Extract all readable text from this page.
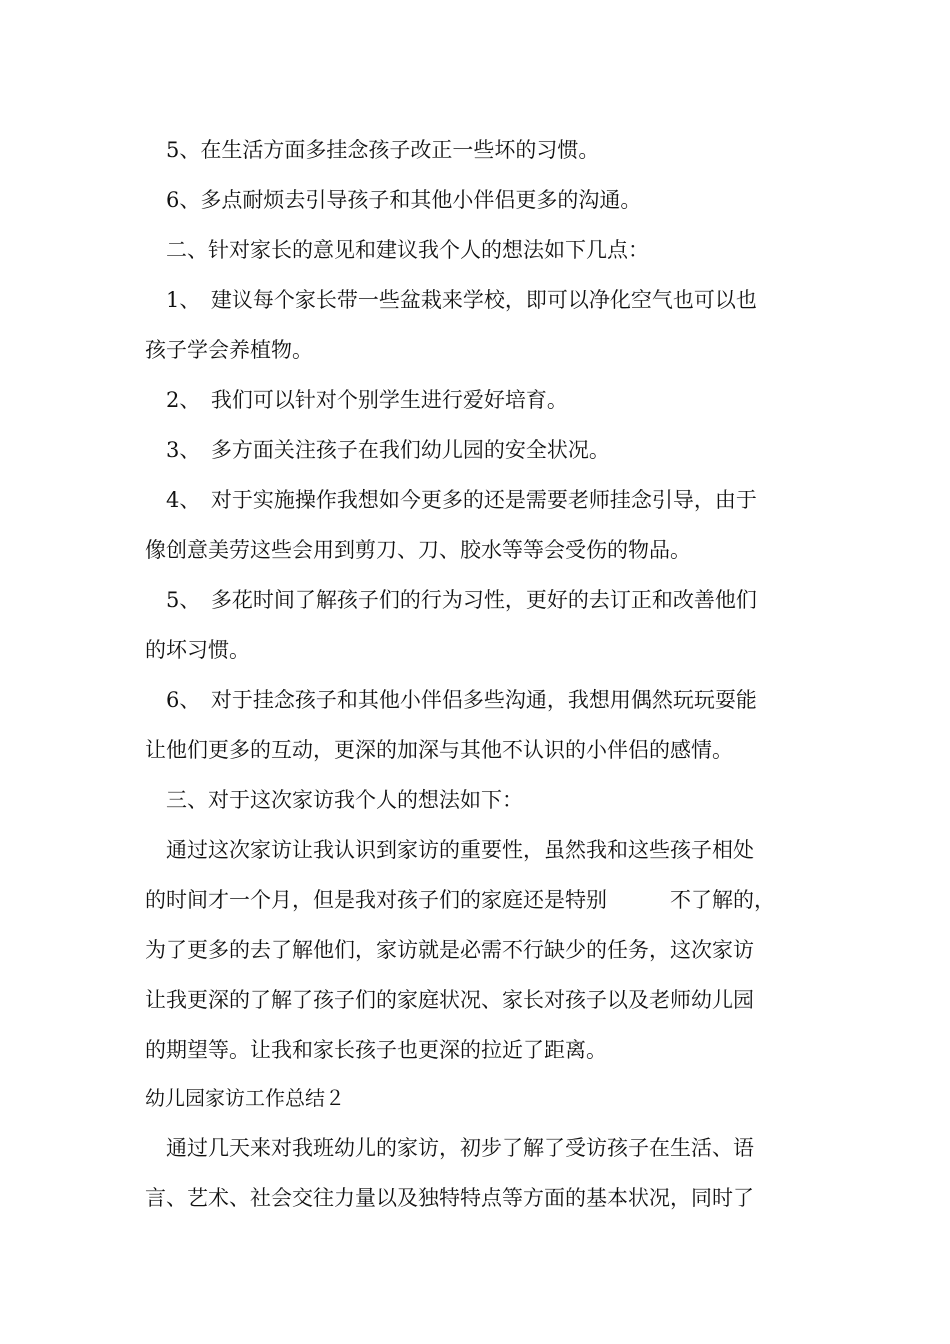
　5、在生活方面多挂念孩子改正一些坏的习惯。
　6、多点耐烦去引导孩子和其他小伴侣更多的沟通。
　二、针对家长的意见和建议我个人的想法如下几点：
　1、　建议每个家长带一些盆栽来学校，即可以净化空气也可以也
孩子学会养植物。
　2、　我们可以针对个别学生进行爱好培育。
　3、　多方面关注孩子在我们幼儿园的安全状况。
　4、　对于实施操作我想如今更多的还是需要老师挂念引导，由于
像创意美劳这些会用到剪刀、刀、胶水等等会受伤的物品。
　5、　多花时间了解孩子们的行为习性，更好的去订正和改善他们
的坏习惯。
　6、　对于挂念孩子和其他小伴侣多些沟通，我想用偶然玩玩耍能
让他们更多的互动，更深的加深与其他不认识的小伴侣的感情。
　三、对于这次家访我个人的想法如下：
　通过这次家访让我认识到家访的重要性，虽然我和这些孩子相处
的时间才一个月，但是我对孩子们的家庭还是特别　　　不了解的，
为了更多的去了解他们，家访就是必需不行缺少的任务，这次家访
让我更深的了解了孩子们的家庭状况、家长对孩子以及老师幼儿园
的期望等。让我和家长孩子也更深的拉近了距离。
幼儿园家访工作总结２
　通过几天来对我班幼儿的家访，初步了解了受访孩子在生活、语
言、艺术、社会交往力量以及独特特点等方面的基本状况，同时了
